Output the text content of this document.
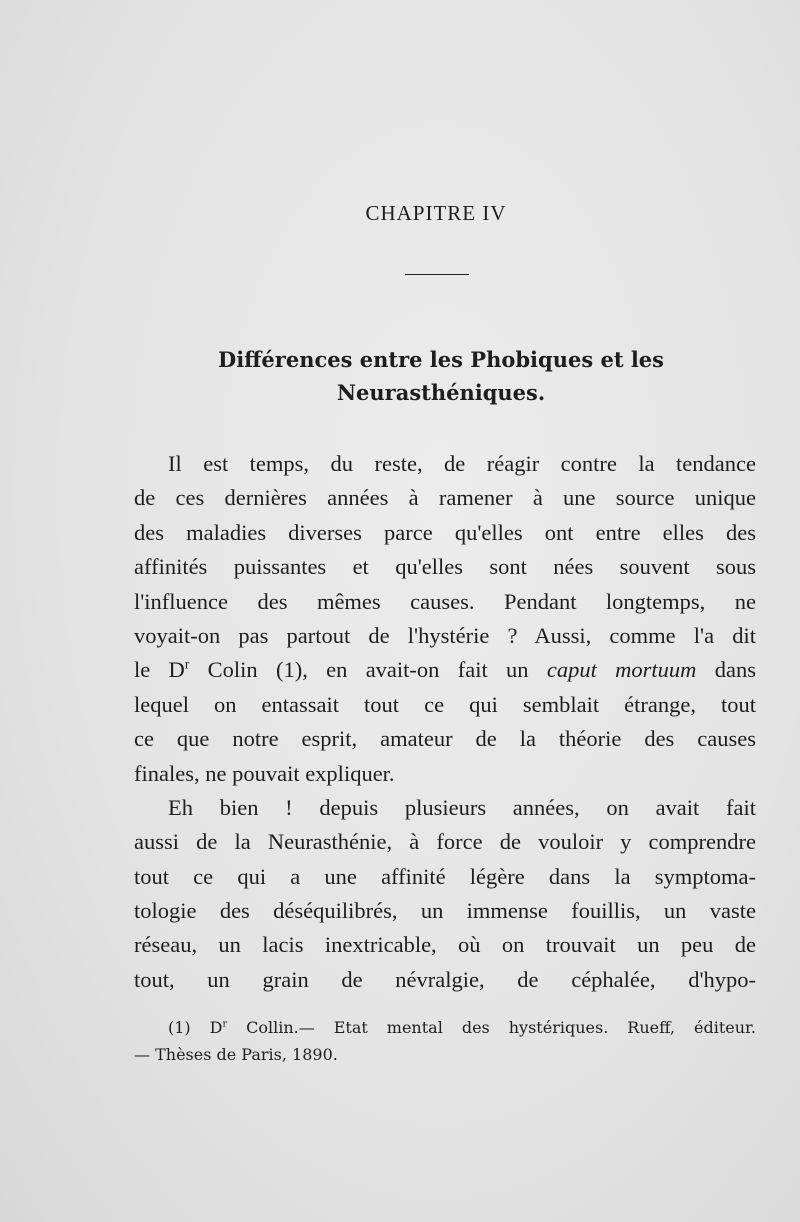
CHAPITRE IV
Différences entre les Phobiques et les
Neurasthéniques.
Il est temps, du reste, de réagir contre la tendance
de ces dernières années à ramener à une source unique
des maladies diverses parce qu'elles ont entre elles des
affinités puissantes et qu'elles sont nées souvent sous
l'influence des mêmes causes. Pendant longtemps, ne
voyait-on pas partout de l'hystérie ? Aussi, comme l'a dit
le $D^r$ Colin (1), en avait-on fait un caput mortuum dans
lequel on entassait tout ce qui semblait étrange, tout
ce que notre esprit, amateur de la théorie des causes
finales, ne pouvait expliquer.
Eh bien ! depuis plusieurs années, on avait fait
aussi de la Neurasthénie, à force de vouloir y comprendre
tout ce qui a une affinité légère dans la symptoma-
tologie des déséquilibrés, un immense fouillis, un vaste
réseau, un lacis inextricable, où on trouvait un peu de
tout, un grain de névralgie, de céphalée, d'hypo-
(1) $D^r$ Collin.— Etat mental des hystériques. Rueff, éditeur.
— Thèses de Paris, 1890.
